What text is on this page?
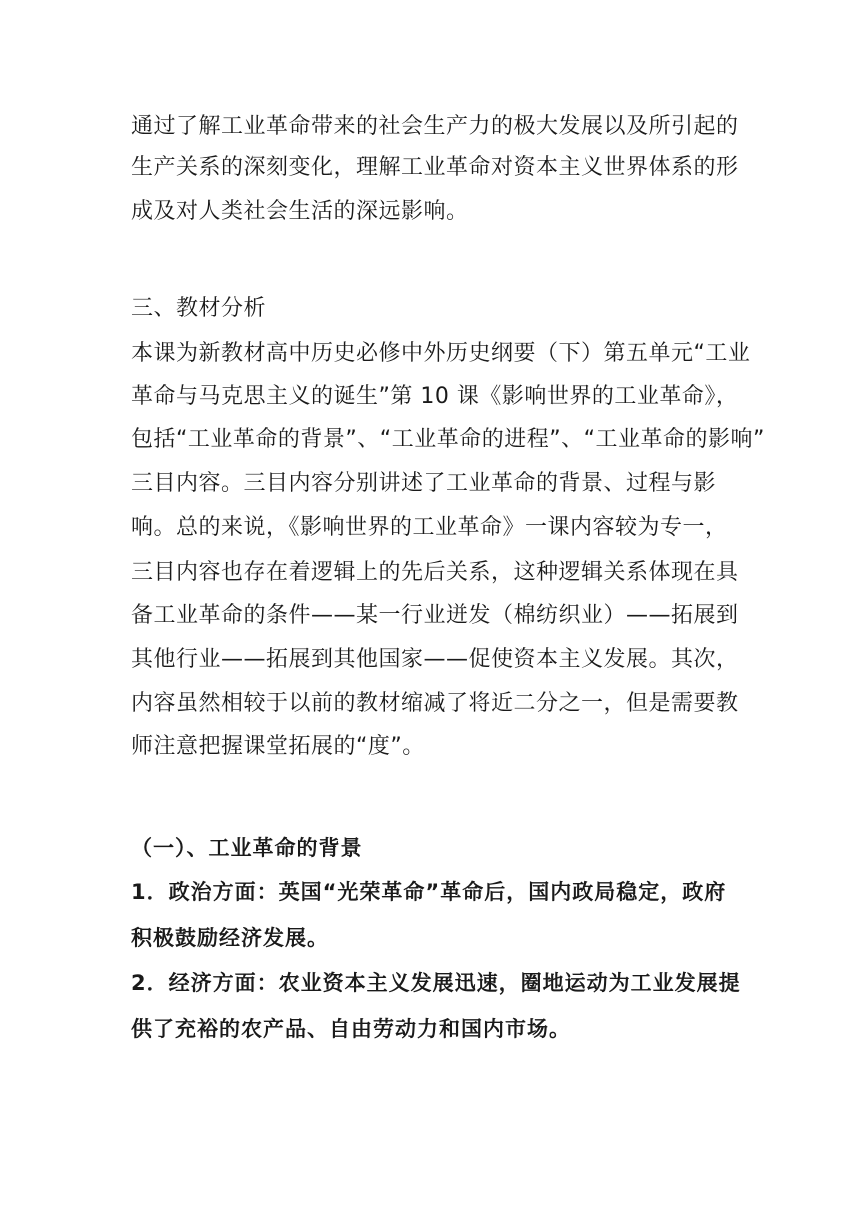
通过了解工业革命带来的社会生产力的极大发展以及所引起的
生产关系的深刻变化，理解工业革命对资本主义世界体系的形
成及对人类社会生活的深远影响。
三、教材分析
本课为新教材高中历史必修中外历史纲要（下）第五单元“工业
革命与马克思主义的诞生”第 10 课《影响世界的工业革命》，
包括“工业革命的背景”、“工业革命的进程”、“工业革命的影响”
三目内容。三目内容分别讲述了工业革命的背景、过程与影
响。总的来说，《影响世界的工业革命》一课内容较为专一，
三目内容也存在着逻辑上的先后关系，这种逻辑关系体现在具
备工业革命的条件——某一行业迸发（棉纺织业）——拓展到
其他行业——拓展到其他国家——促使资本主义发展。其次，
内容虽然相较于以前的教材缩减了将近二分之一，但是需要教
师注意把握课堂拓展的“度”。
（一）、工业革命的背景
1．政治方面：英国“光荣革命”革命后，国内政局稳定，政府
积极鼓励经济发展。
2．经济方面：农业资本主义发展迅速，圈地运动为工业发展提
供了充裕的农产品、自由劳动力和国内市场。
